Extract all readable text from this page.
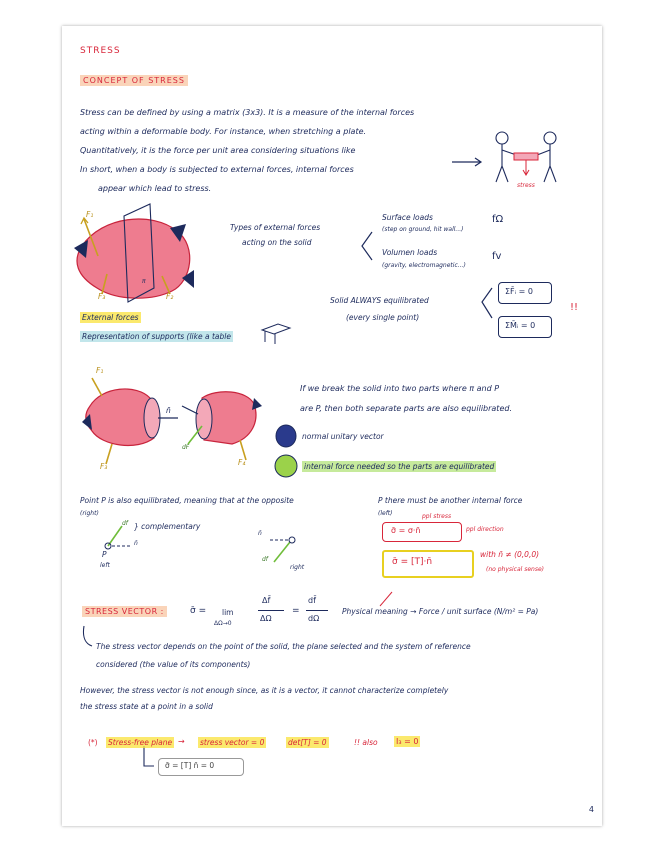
STRESS
CONCEPT OF STRESS
Stress can be defined by using a matrix (3x3). It is a measure of the internal forces
acting within a deformable body. For instance, when stretching a plate.
Quantitatively, it is the force per unit area considering situations like
In short, when a body is subjected to external forces, internal forces
appear which lead to stress.	stress
Types of external forces
acting on the solid
Surface loads
(step on ground, hit wall...)
Volumen loads
(gravity, electromagnetic...)
fΩ
fv
F₁
F₃	F₂
π
Solid ALWAYS equilibrated
(every single point)
ΣF̄ᵢ = 0
ΣM̄ᵢ = 0
!!
External forces
Representation of supports (like a table
If we break the solid into two parts where π and P
are P, then both separate parts are also equilibrated.
F₁
F₃	F₄
n̄
dF
normal unitary vector
internal force needed so the parts are equilibrated
Point P is also equilibrated, meaning that at the opposite	P there must be another internal force
(right)	(left)
} complementary
P
left	right
n̄
df
n̄
df
ppl stress
σ̄ = σ·n̄	ppl direction
σ̄ = [T]·n̄
with n̄ ≠ (0,0,0)
(no physical sense)
STRESS VECTOR :	σ̄ = lim
ΔΩ→0
Δf̄
ΔΩ
=
df̄
dΩ
Physical meaning → Force / unit surface (N/m² = Pa)
The stress vector depends on the point of the solid, the plane selected and the system of reference
considered (the value of its components)
However, the stress vector is not enough since, as it is a vector, it cannot characterize completely
the stress state at a point in a solid
(*) Stress-free plane → stress vector = 0	det[T] = 0	!! also I₃ = 0
σ̄ = [T] n̄ = 0
4
